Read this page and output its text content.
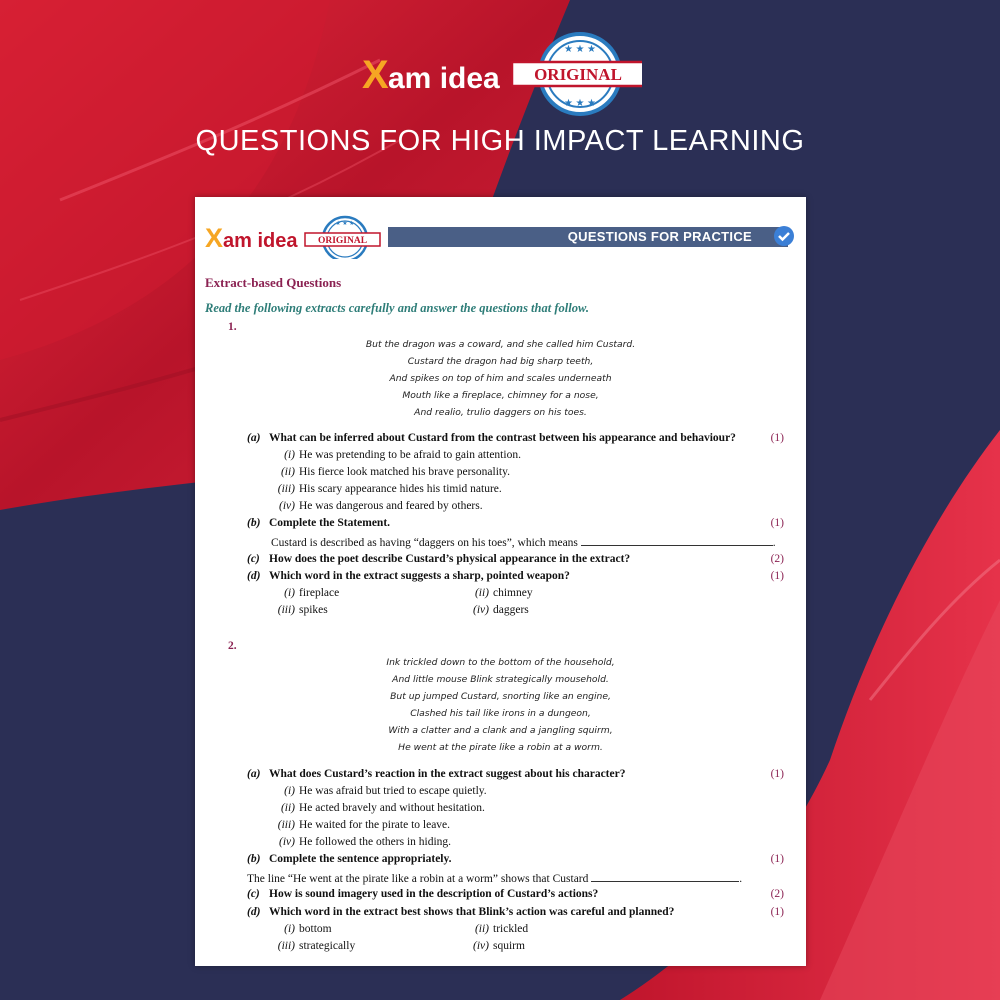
X am idea
★ ★ ★
★ ★ ★
ORIGINAL
QUESTIONS FOR HIGH IMPACT LEARNING
X am idea
★ ★ ★
ORIGINAL	QUESTIONS FOR PRACTICE
Extract-based Questions
Read the following extracts carefully and answer the questions that follow.
1.
But the dragon was a coward, and she called him Custard.
Custard the dragon had big sharp teeth,
And spikes on top of him and scales underneath
Mouth like a fireplace, chimney for a nose,
And realio, trulio daggers on his toes.
(a) What can be inferred about Custard from the contrast between his appearance and behaviour?	(1)
(i) He was pretending to be afraid to gain attention.
(ii) His fierce look matched his brave personality.
(iii) His scary appearance hides his timid nature.
(iv) He was dangerous and feared by others.
(b) Complete the Statement.	(1)
Custard is described as having “daggers on his toes”, which means	.
(c) How does the poet describe Custard’s physical appearance in the extract?	(2)
(d) Which word in the extract suggests a sharp, pointed weapon?	(1)
(i) fireplace	(ii) chimney
(iii) spikes	(iv) daggers
2.
Ink trickled down to the bottom of the household,
And little mouse Blink strategically mousehold.
But up jumped Custard, snorting like an engine,
Clashed his tail like irons in a dungeon,
With a clatter and a clank and a jangling squirm,
He went at the pirate like a robin at a worm.
(a) What does Custard’s reaction in the extract suggest about his character?	(1)
(i) He was afraid but tried to escape quietly.
(ii) He acted bravely and without hesitation.
(iii) He waited for the pirate to leave.
(iv) He followed the others in hiding.
(b) Complete the sentence appropriately.	(1)
The line “He went at the pirate like a robin at a worm” shows that Custard	.
(c) How is sound imagery used in the description of Custard’s actions?	(2)
(d) Which word in the extract best shows that Blink’s action was careful and planned?	(1)
(i) bottom	(ii) trickled
(iii) strategically	(iv) squirm
